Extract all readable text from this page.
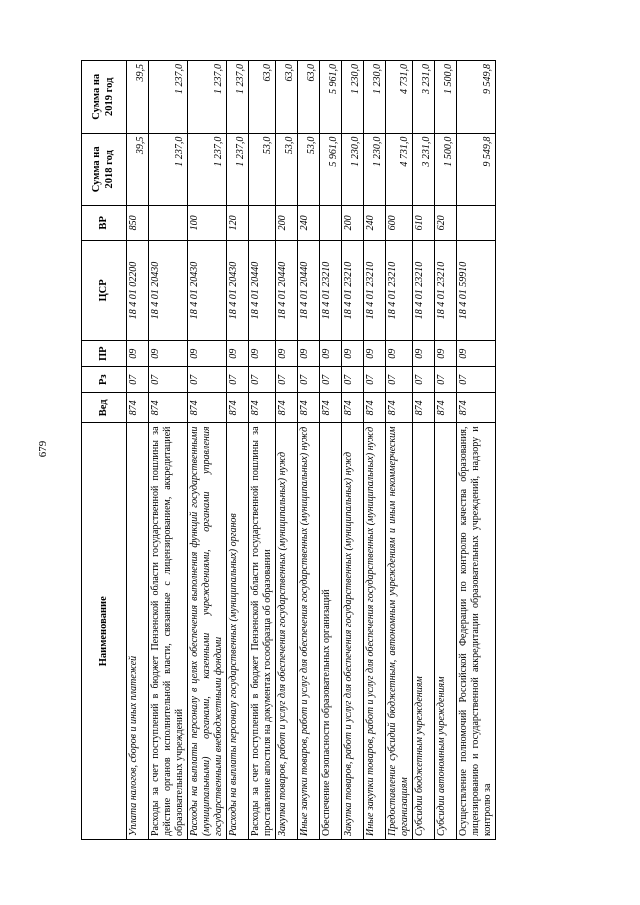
679
Наименование	Вед	Рз	ПР	ЦСР	ВР	Сумма на 2018 год	Сумма на 2019 год
Уплата налогов, сборов и иных платежей	874	07	09	18 4 01 02200	850	39,5	39,5
Расходы за счет поступлений в бюджет Пензенской области государственной пошлины за действие органов исполнительной власти, связанные с лицензированием, аккредитацией образовательных учреждений	874	07	09	18 4 01 20430		1 237,0	1 237,0
Расходы на выплаты персоналу в целях обеспечения выполнения функций государственными (муниципальными) органами, казенными учреждениями, органами управления государственными внебюджетными фондами	874	07	09	18 4 01 20430	100	1 237,0	1 237,0
Расходы на выплаты персоналу государственных (муниципальных) органов	874	07	09	18 4 01 20430	120	1 237,0	1 237,0
Расходы за счет поступлений в бюджет Пензенской области государственной пошлины за проставление апостиля на документах госообразца об образовании	874	07	09	18 4 01 20440		53,0	63,0
Закупка товаров, работ и услуг для обеспечения государственных (муниципальных) нужд	874	07	09	18 4 01 20440	200	53,0	63,0
Иные закупки товаров, работ и услуг для обеспечения государственных (муниципальных) нужд	874	07	09	18 4 01 20440	240	53,0	63,0
Обеспечение безопасности образовательных организаций	874	07	09	18 4 01 23210		5 961,0	5 961,0
Закупка товаров, работ и услуг для обеспечения государственных (муниципальных) нужд	874	07	09	18 4 01 23210	200	1 230,0	1 230,0
Иные закупки товаров, работ и услуг для обеспечения государственных (муниципальных) нужд	874	07	09	18 4 01 23210	240	1 230,0	1 230,0
Предоставление субсидий бюджетным, автономным учреждениям и иным некоммерческим организациям	874	07	09	18 4 01 23210	600	4 731,0	4 731,0
Субсидии бюджетным учреждениям	874	07	09	18 4 01 23210	610	3 231,0	3 231,0
Субсидии автономным учреждениям	874	07	09	18 4 01 23210	620	1 500,0	1 500,0
Осуществление полномочий Российской Федерации по контролю качества образования, лицензированию и государственной аккредитации образовательных учреждений, надзору и контролю за	874	07	09	18 4 01 59910		9 549,8	9 549,8
